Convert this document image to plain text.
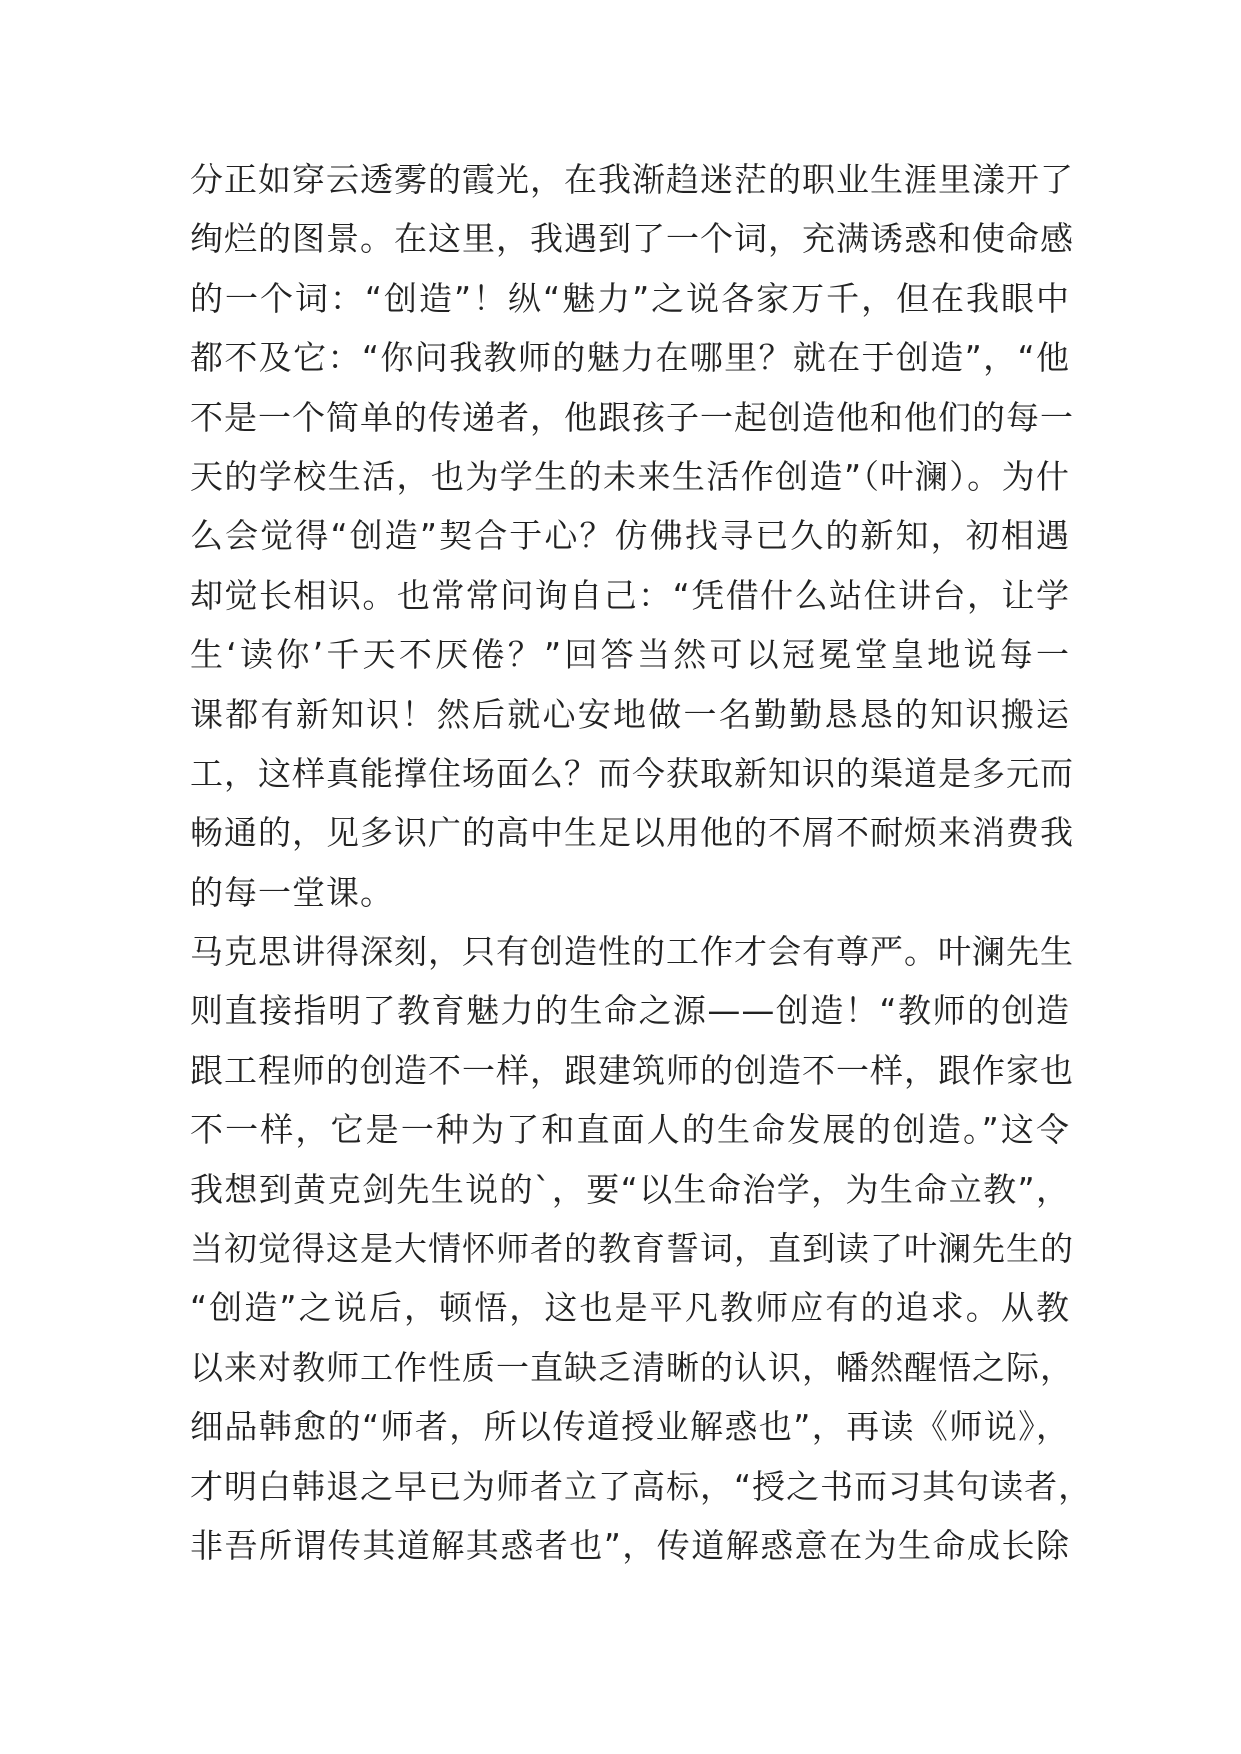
分正如穿云透雾的霞光，在我渐趋迷茫的职业生涯里漾开了
绚烂的图景。在这里，我遇到了一个词，充满诱惑和使命感
的一个词：“创造”！纵“魅力”之说各家万千，但在我眼中
都不及它：“你问我教师的魅力在哪里？就在于创造”，“他
不是一个简单的传递者，他跟孩子一起创造他和他们的每一
天的学校生活，也为学生的未来生活作创造”（叶澜）。为什
么会觉得“创造”契合于心？仿佛找寻已久的新知，初相遇
却觉长相识。也常常问询自己：“凭借什么站住讲台，让学
生‘读你’千天不厌倦？”回答当然可以冠冕堂皇地说每一
课都有新知识！然后就心安地做一名勤勤恳恳的知识搬运
工，这样真能撑住场面么？而今获取新知识的渠道是多元而
畅通的，见多识广的高中生足以用他的不屑不耐烦来消费我
的每一堂课。
马克思讲得深刻，只有创造性的工作才会有尊严。叶澜先生
则直接指明了教育魅力的生命之源——创造！“教师的创造
跟工程师的创造不一样，跟建筑师的创造不一样，跟作家也
不一样，它是一种为了和直面人的生命发展的创造。”这令
我想到黄克剑先生说的`，要“以生命治学，为生命立教”，
当初觉得这是大情怀师者的教育誓词，直到读了叶澜先生的
“创造”之说后，顿悟，这也是平凡教师应有的追求。从教
以来对教师工作性质一直缺乏清晰的认识，幡然醒悟之际，
细品韩愈的“师者，所以传道授业解惑也”，再读《师说》，
才明白韩退之早已为师者立了高标，“授之书而习其句读者，
非吾所谓传其道解其惑者也”，传道解惑意在为生命成长除
